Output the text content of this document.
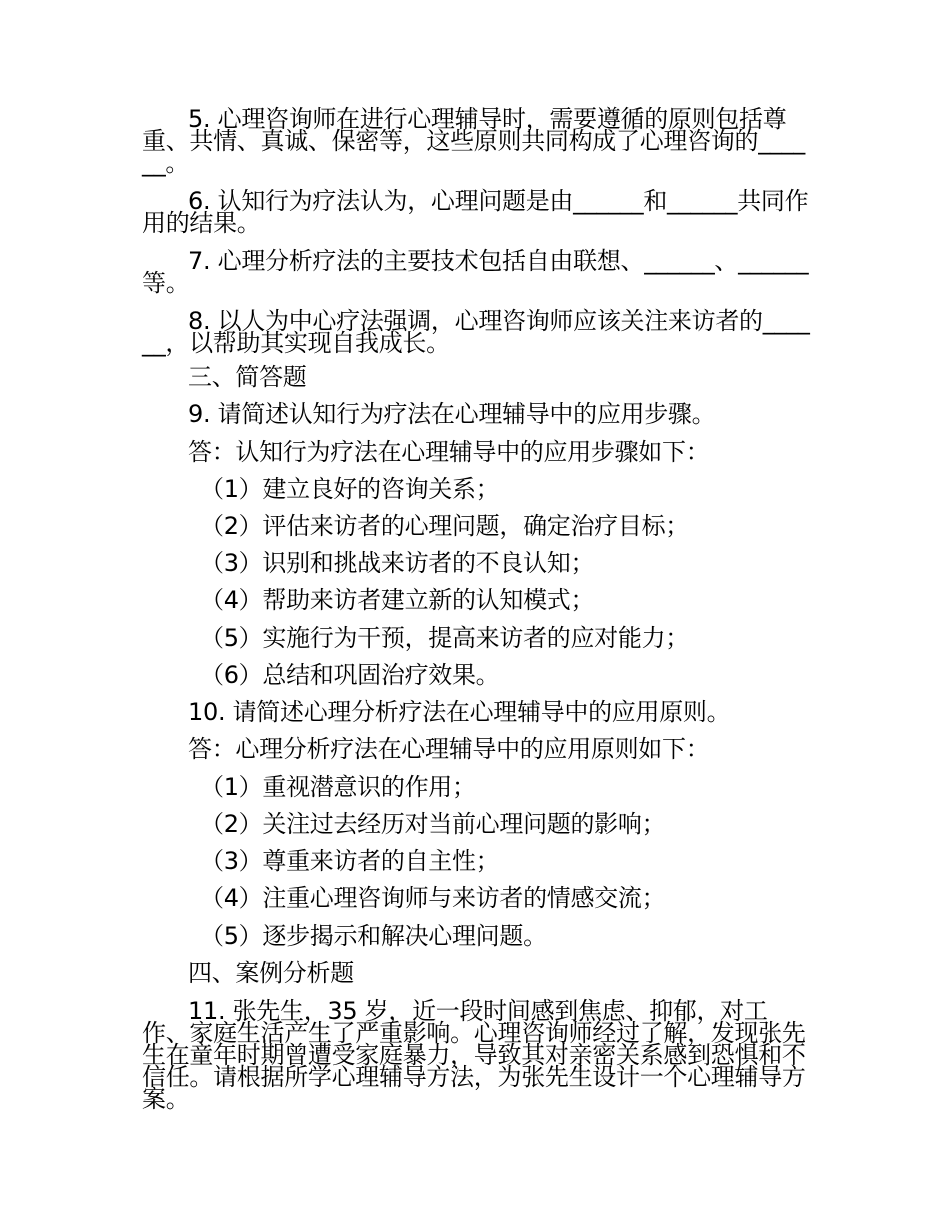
5. 心理咨询师在进行心理辅导时，需要遵循的原则包括尊重、共情、真诚、保密等，这些原则共同构成了心理咨询的______。
6. 认知行为疗法认为，心理问题是由______和______共同作用的结果。
7. 心理分析疗法的主要技术包括自由联想、______、______等。
8. 以人为中心疗法强调，心理咨询师应该关注来访者的______，以帮助其实现自我成长。
三、简答题
9. 请简述认知行为疗法在心理辅导中的应用步骤。
答：认知行为疗法在心理辅导中的应用步骤如下：
（1）建立良好的咨询关系；
（2）评估来访者的心理问题，确定治疗目标；
（3）识别和挑战来访者的不良认知；
（4）帮助来访者建立新的认知模式；
（5）实施行为干预，提高来访者的应对能力；
（6）总结和巩固治疗效果。
10. 请简述心理分析疗法在心理辅导中的应用原则。
答：心理分析疗法在心理辅导中的应用原则如下：
（1）重视潜意识的作用；
（2）关注过去经历对当前心理问题的影响；
（3）尊重来访者的自主性；
（4）注重心理咨询师与来访者的情感交流；
（5）逐步揭示和解决心理问题。
四、案例分析题
11. 张先生，35 岁，近一段时间感到焦虑、抑郁，对工作、家庭生活产生了严重影响。心理咨询师经过了解，发现张先生在童年时期曾遭受家庭暴力，导致其对亲密关系感到恐惧和不信任。请根据所学心理辅导方法，为张先生设计一个心理辅导方案。
